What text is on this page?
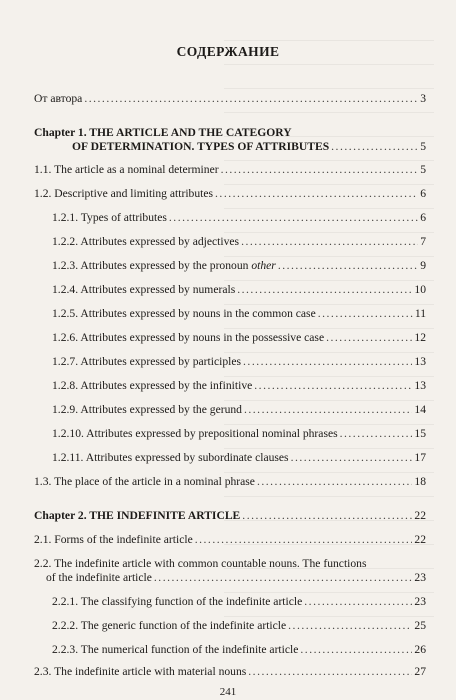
СОДЕРЖАНИЕ
От автора .....	3
Chapter 1. THE ARTICLE AND THE CATEGORY
OF DETERMINATION. TYPES OF ATTRIBUTES .....	5
1.1. The article as a nominal determiner .....	5
1.2. Descriptive and limiting attributes .....	6
1.2.1. Types of attributes .....	6
1.2.2. Attributes expressed by adjectives .....	7
1.2.3. Attributes expressed by the pronoun other .....	9
1.2.4. Attributes expressed by numerals .....	10
1.2.5. Attributes expressed by nouns in the common case .....	11
1.2.6. Attributes expressed by nouns in the possessive case .....	12
1.2.7. Attributes expressed by participles .....	13
1.2.8. Attributes expressed by the infinitive .....	13
1.2.9. Attributes expressed by the gerund .....	14
1.2.10. Attributes expressed by prepositional nominal phrases .....	15
1.2.11. Attributes expressed by subordinate clauses .....	17
1.3. The place of the article in a nominal phrase .....	18
Chapter 2. THE INDEFINITE ARTICLE .....	22
2.1. Forms of the indefinite article .....	22
2.2. The indefinite article with common countable nouns. The functions
of the indefinite article .....	23
2.2.1. The classifying function of the indefinite article .....	23
2.2.2. The generic function of the indefinite article .....	25
2.2.3. The numerical function of the indefinite article .....	26
2.3. The indefinite article with material nouns .....	27
241
